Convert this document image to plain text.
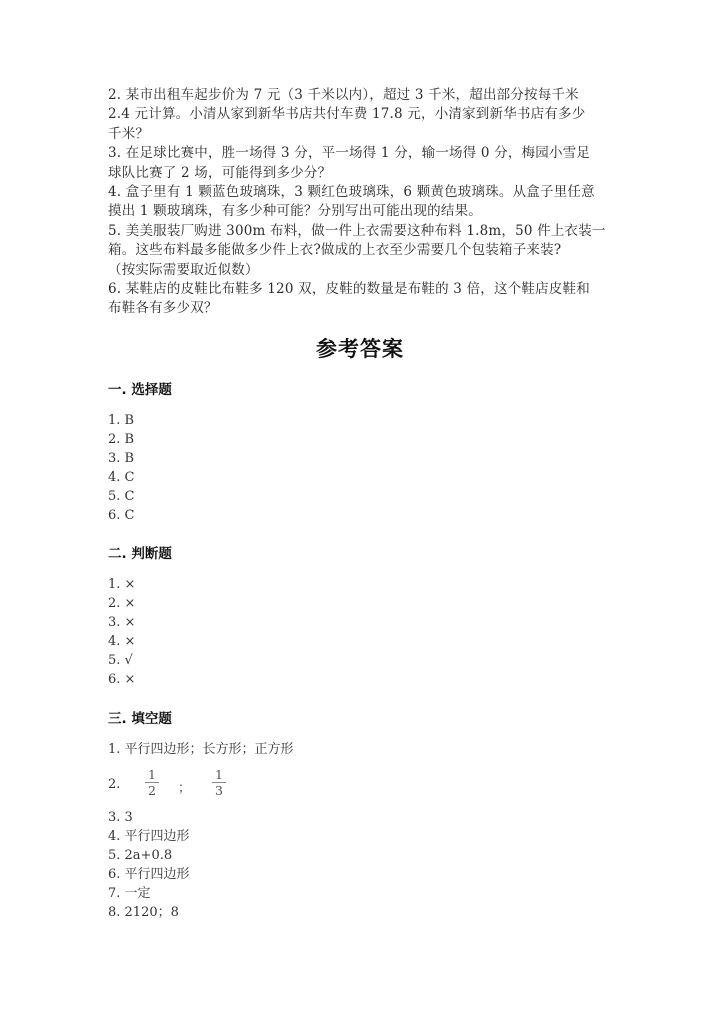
2. 某市出租车起步价为 7 元（3 千米以内），超过 3 千米，超出部分按每千米
2.4 元计算。小清从家到新华书店共付车费 17.8 元，小清家到新华书店有多少
千米？
3. 在足球比赛中，胜一场得 3 分，平一场得 1 分，输一场得 0 分，梅园小雪足
球队比赛了 2 场，可能得到多少分？
4. 盒子里有 1 颗蓝色玻璃珠，3 颗红色玻璃珠，6 颗黄色玻璃珠。从盒子里任意
摸出 1 颗玻璃珠，有多少种可能？分别写出可能出现的结果。
5. 美美服装厂购进 300m 布料，做一件上衣需要这种布料 1.8m，50 件上衣装一
箱。这些布料最多能做多少件上衣?做成的上衣至少需要几个包装箱子来装?
（按实际需要取近似数）
6. 某鞋店的皮鞋比布鞋多 120 双，皮鞋的数量是布鞋的 3 倍，这个鞋店皮鞋和
布鞋各有多少双？
参考答案
一. 选择题
1. B
2. B
3. B
4. C
5. C
6. C
二. 判断题
1. ×
2. ×
3. ×
4. ×
5. √
6. ×
三. 填空题
1. 平行四边形；长方形；正方形
2. $\frac{1}{2}$ ； $\frac{1}{3}$
3. 3
4. 平行四边形
5. 2a+0.8
6. 平行四边形
7. 一定
8. 2120；8
